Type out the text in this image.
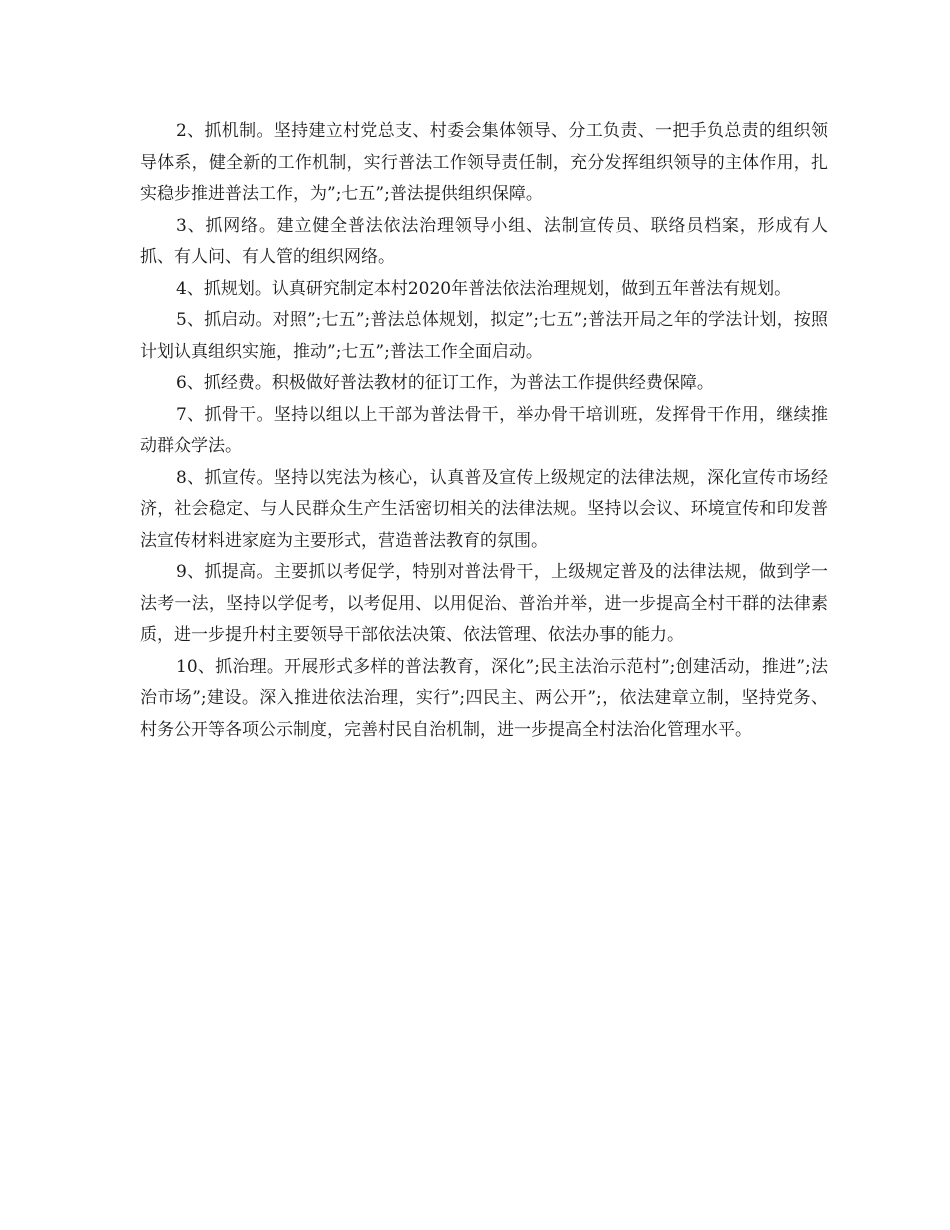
2、抓机制。坚持建立村党总支、村委会集体领导、分工负责、一把手负总责的组织领导体系，健全新的工作机制，实行普法工作领导责任制，充分发挥组织领导的主体作用，扎实稳步推进普法工作，为”;七五”;普法提供组织保障。

3、抓网络。建立健全普法依法治理领导小组、法制宣传员、联络员档案，形成有人抓、有人问、有人管的组织网络。

4、抓规划。认真研究制定本村2020年普法依法治理规划，做到五年普法有规划。

5、抓启动。对照”;七五”;普法总体规划，拟定”;七五”;普法开局之年的学法计划，按照计划认真组织实施，推动”;七五”;普法工作全面启动。

6、抓经费。积极做好普法教材的征订工作，为普法工作提供经费保障。

7、抓骨干。坚持以组以上干部为普法骨干，举办骨干培训班，发挥骨干作用，继续推动群众学法。

8、抓宣传。坚持以宪法为核心，认真普及宣传上级规定的法律法规，深化宣传市场经济，社会稳定、与人民群众生产生活密切相关的法律法规。坚持以会议、环境宣传和印发普法宣传材料进家庭为主要形式，营造普法教育的氛围。

9、抓提高。主要抓以考促学，特别对普法骨干，上级规定普及的法律法规，做到学一法考一法，坚持以学促考，以考促用、以用促治、普治并举，进一步提高全村干群的法律素质，进一步提升村主要领导干部依法决策、依法管理、依法办事的能力。

10、抓治理。开展形式多样的普法教育，深化”;民主法治示范村”;创建活动，推进”;法治市场”;建设。深入推进依法治理，实行”;四民主、两公开”;，依法建章立制，坚持党务、村务公开等各项公示制度，完善村民自治机制，进一步提高全村法治化管理水平。
